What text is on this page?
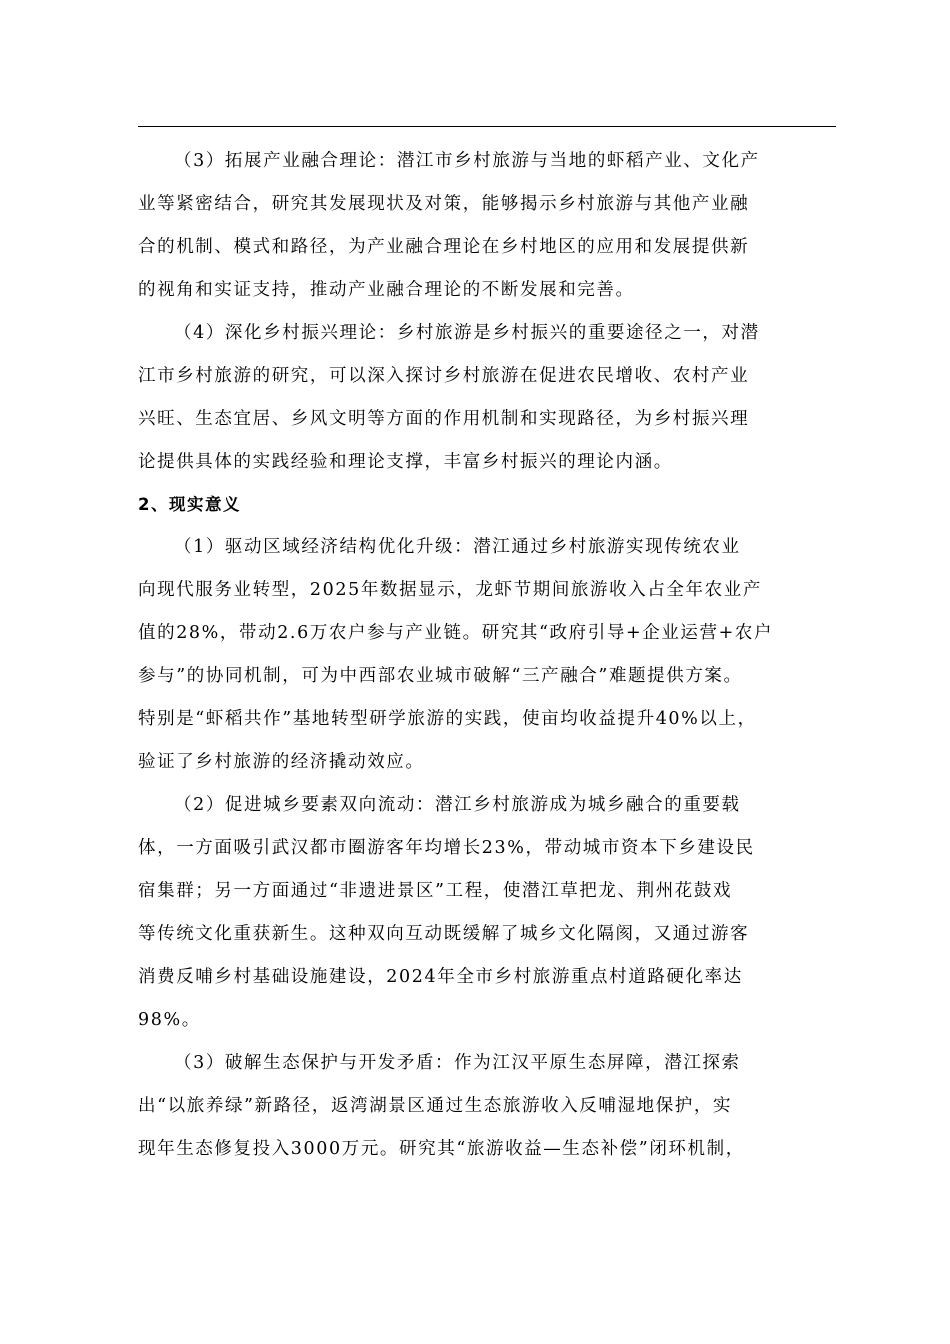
（3）拓展产业融合理论：潜江市乡村旅游与当地的虾稻产业、文化产
业等紧密结合，研究其发展现状及对策，能够揭示乡村旅游与其他产业融
合的机制、模式和路径，为产业融合理论在乡村地区的应用和发展提供新
的视角和实证支持，推动产业融合理论的不断发展和完善。

（4）深化乡村振兴理论：乡村旅游是乡村振兴的重要途径之一，对潜
江市乡村旅游的研究，可以深入探讨乡村旅游在促进农民增收、农村产业
兴旺、生态宜居、乡风文明等方面的作用机制和实现路径，为乡村振兴理
论提供具体的实践经验和理论支撑，丰富乡村振兴的理论内涵。

2、现实意义

（1）驱动区域经济结构优化升级：潜江通过乡村旅游实现传统农业
向现代服务业转型，2025年数据显示，龙虾节期间旅游收入占全年农业产
值的28%，带动2.6万农户参与产业链。研究其“政府引导+企业运营+农户
参与”的协同机制，可为中西部农业城市破解“三产融合”难题提供方案。
特别是“虾稻共作”基地转型研学旅游的实践，使亩均收益提升40%以上，
验证了乡村旅游的经济撬动效应。

（2）促进城乡要素双向流动：潜江乡村旅游成为城乡融合的重要载
体，一方面吸引武汉都市圈游客年均增长23%，带动城市资本下乡建设民
宿集群；另一方面通过“非遗进景区”工程，使潜江草把龙、荆州花鼓戏
等传统文化重获新生。这种双向互动既缓解了城乡文化隔阂，又通过游客
消费反哺乡村基础设施建设，2024年全市乡村旅游重点村道路硬化率达
98%。

（3）破解生态保护与开发矛盾：作为江汉平原生态屏障，潜江探索
出“以旅养绿”新路径，返湾湖景区通过生态旅游收入反哺湿地保护，实
现年生态修复投入3000万元。研究其“旅游收益—生态补偿”闭环机制，
